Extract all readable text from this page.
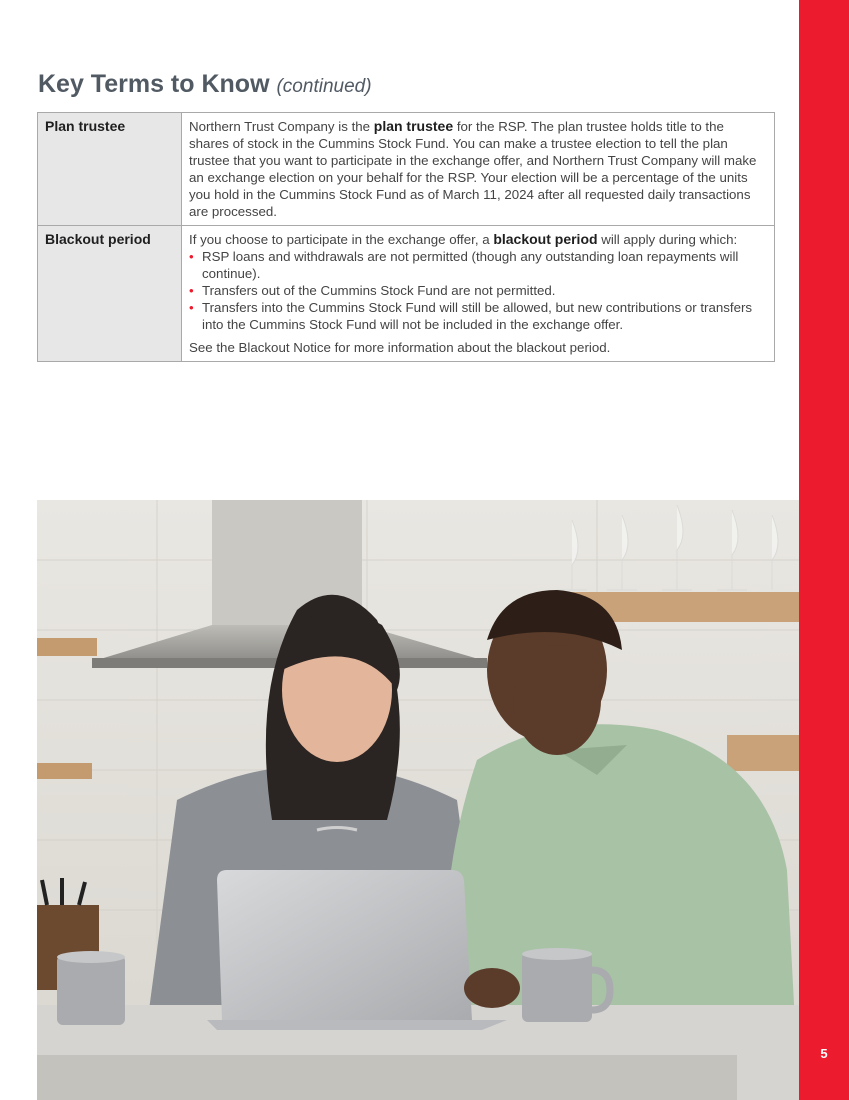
5
Key Terms to Know (continued)
Plan trustee	Northern Trust Company is the plan trustee for the RSP. The plan trustee holds title to the shares of stock in the Cummins Stock Fund. You can make a trustee election to tell the plan trustee that you want to participate in the exchange offer, and Northern Trust Company will make an exchange election on your behalf for the RSP. Your election will be a percentage of the units you hold in the Cummins Stock Fund as of March 11, 2024 after all requested daily transactions are processed.

Blackout period	If you choose to participate in the exchange offer, a blackout period will apply during which:

• RSP loans and withdrawals are not permitted (though any outstanding loan repayments will continue).

• Transfers out of the Cummins Stock Fund are not permitted.

• Transfers into the Cummins Stock Fund will still be allowed, but new contributions or transfers into the Cummins Stock Fund will not be included in the exchange offer.

See the Blackout Notice for more information about the blackout period.
